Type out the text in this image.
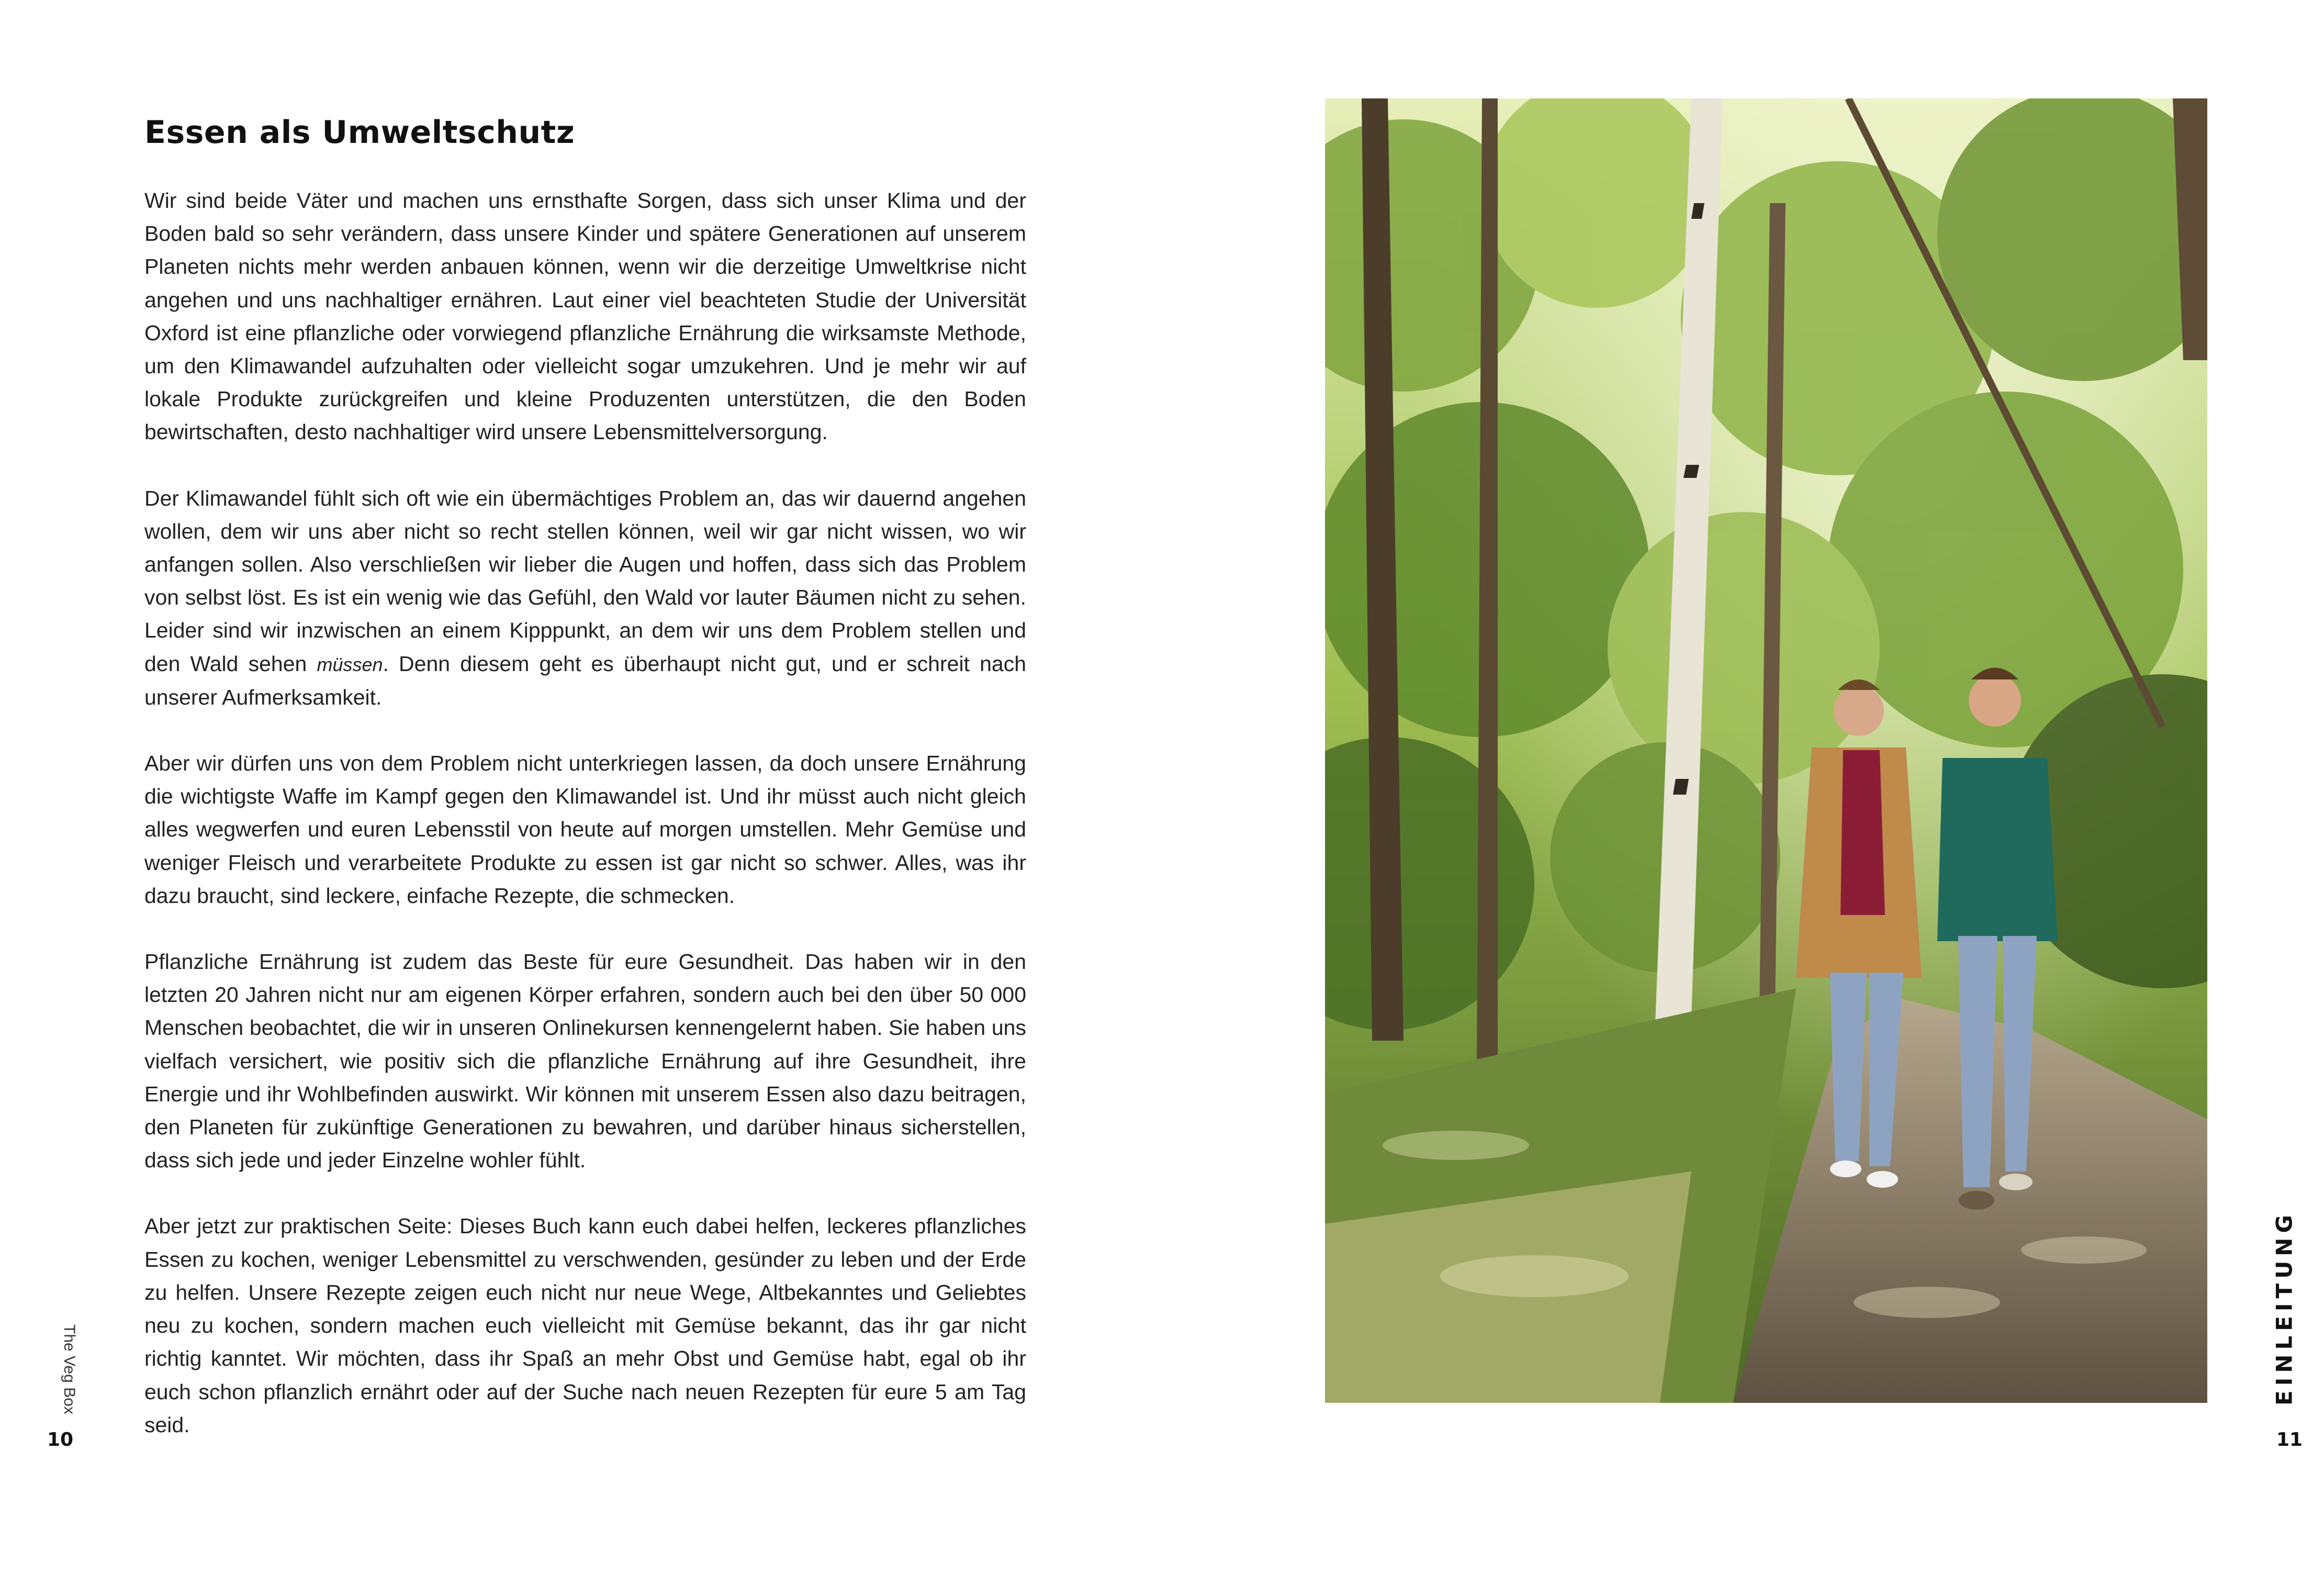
Essen als Umweltschutz

Wir sind beide Väter und machen uns ernsthafte Sorgen, dass sich unser Klima und der Boden bald so sehr verändern, dass unsere Kinder und spätere Generationen auf unserem Planeten nichts mehr werden anbauen können, wenn wir die derzeitige Umweltkrise nicht angehen und uns nachhaltiger ernähren. Laut einer viel beachteten Studie der Universität Oxford ist eine pflanzliche oder vorwiegend pflanzliche Ernährung die wirksamste Methode, um den Klimawandel aufzuhalten oder vielleicht sogar umzukehren. Und je mehr wir auf lokale Produkte zurückgreifen und kleine Produzenten unterstützen, die den Boden bewirtschaften, desto nachhaltiger wird unsere Lebensmittelversorgung.

Der Klimawandel fühlt sich oft wie ein übermächtiges Problem an, das wir dauernd angehen wollen, dem wir uns aber nicht so recht stellen können, weil wir gar nicht wissen, wo wir anfangen sollen. Also verschließen wir lieber die Augen und hoffen, dass sich das Problem von selbst löst. Es ist ein wenig wie das Gefühl, den Wald vor lauter Bäumen nicht zu sehen. Leider sind wir inzwischen an einem Kipppunkt, an dem wir uns dem Problem stellen und den Wald sehen müssen. Denn diesem geht es überhaupt nicht gut, und er schreit nach unserer Aufmerksamkeit.

Aber wir dürfen uns von dem Problem nicht unterkriegen lassen, da doch unsere Ernährung die wichtigste Waffe im Kampf gegen den Klimawandel ist. Und ihr müsst auch nicht gleich alles wegwerfen und euren Lebensstil von heute auf morgen umstellen. Mehr Gemüse und weniger Fleisch und verarbeitete Produkte zu essen ist gar nicht so schwer. Alles, was ihr dazu braucht, sind leckere, einfache Rezepte, die schmecken.

Pflanzliche Ernährung ist zudem das Beste für eure Gesundheit. Das haben wir in den letzten 20 Jahren nicht nur am eigenen Körper erfahren, sondern auch bei den über 50 000 Menschen beobachtet, die wir in unseren Onlinekursen kennengelernt haben. Sie haben uns vielfach versichert, wie positiv sich die pflanzliche Ernährung auf ihre Gesundheit, ihre Energie und ihr Wohlbefinden auswirkt. Wir können mit unserem Essen also dazu beitragen, den Planeten für zukünftige Generationen zu bewahren, und darüber hinaus sicherstellen, dass sich jede und jeder Einzelne wohler fühlt.

Aber jetzt zur praktischen Seite: Dieses Buch kann euch dabei helfen, leckeres pflanzliches Essen zu kochen, weniger Lebensmittel zu verschwenden, gesünder zu leben und der Erde zu helfen. Unsere Rezepte zeigen euch nicht nur neue Wege, Altbekanntes und Geliebtes neu zu kochen, sondern machen euch vielleicht mit Gemüse bekannt, das ihr gar nicht richtig kanntet. Wir möchten, dass ihr Spaß an mehr Obst und Gemüse habt, egal ob ihr euch schon pflanzlich ernährt oder auf der Suche nach neuen Rezepten für eure 5 am Tag seid.

The Veg Box
10
EINLEITUNG
11
